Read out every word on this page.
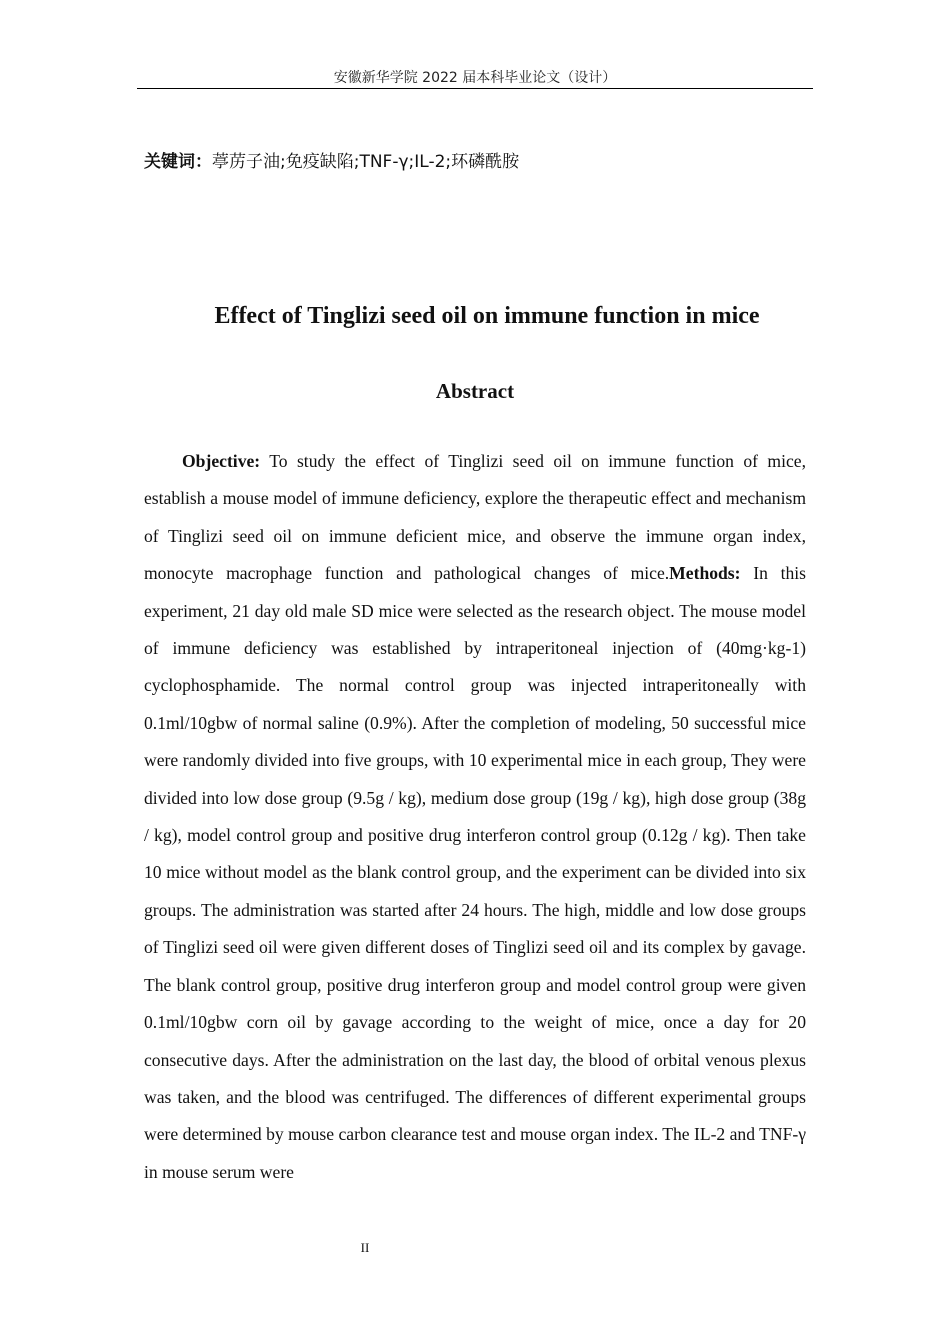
安徽新华学院 2022 届本科毕业论文（设计）
关键词：葶苈子油;免疫缺陷;TNF-γ;IL-2;环磷酰胺
Effect of Tinglizi seed oil on immune function in mice
Abstract

Objective: To study the effect of Tinglizi seed oil on immune function of mice, establish a mouse model of immune deficiency, explore the therapeutic effect and mechanism of Tinglizi seed oil on immune deficient mice, and observe the immune organ index, monocyte macrophage function and pathological changes of mice.Methods: In this experiment, 21 day old male SD mice were selected as the research object. The mouse model of immune deficiency was established by intraperitoneal injection of (40mg·kg-1) cyclophosphamide. The normal control group was injected intraperitoneally with 0.1ml/10gbw of normal saline (0.9%). After the completion of modeling, 50 successful mice were randomly divided into five groups, with 10 experimental mice in each group, They were divided into low dose group (9.5g / kg), medium dose group (19g / kg), high dose group (38g / kg), model control group and positive drug interferon control group (0.12g / kg). Then take 10 mice without model as the blank control group, and the experiment can be divided into six groups. The administration was started after 24 hours. The high, middle and low dose groups of Tinglizi seed oil were given different doses of Tinglizi seed oil and its complex by gavage. The blank control group, positive drug interferon group and model control group were given 0.1ml/10gbw corn oil by gavage according to the weight of mice, once a day for 20 consecutive days. After the administration on the last day, the blood of orbital venous plexus was taken, and the blood was centrifuged. The differences of different experimental groups were determined by mouse carbon clearance test and mouse organ index. The IL-2 and TNF-γ in mouse serum were

II
